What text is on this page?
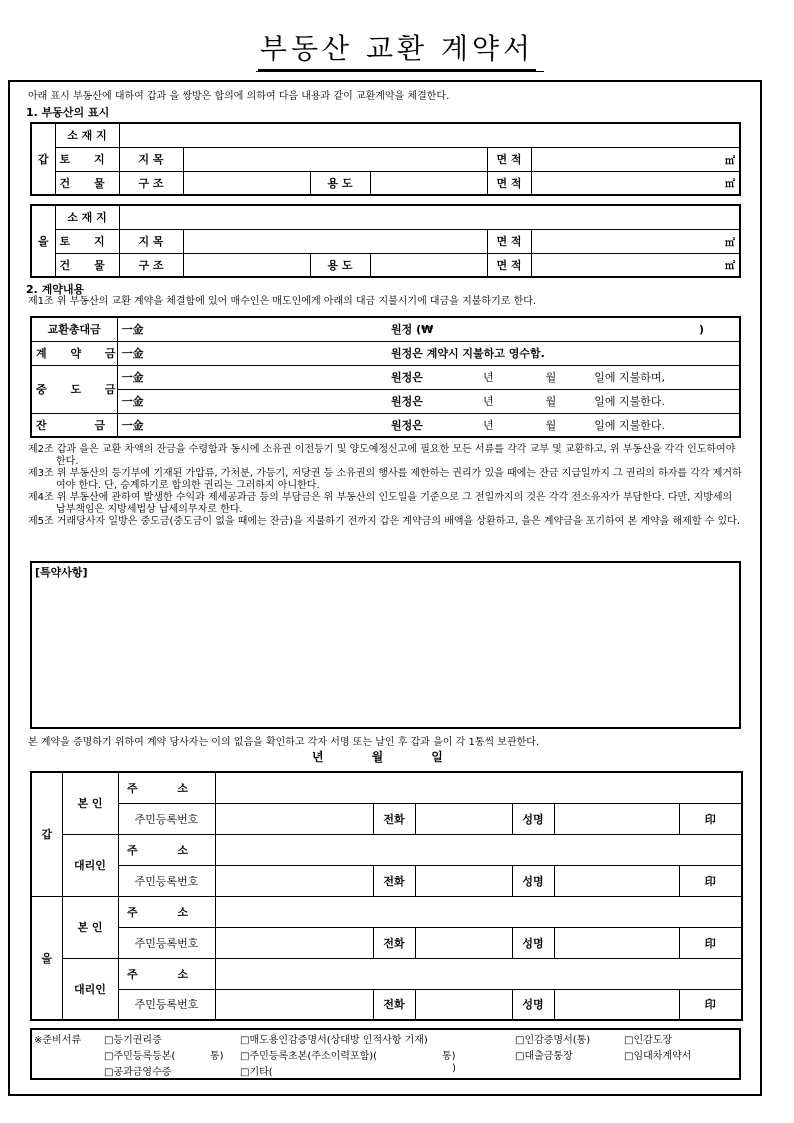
부동산 교환 계약서
아래 표시 부동산에 대하여 갑과 을 쌍방은 합의에 의하여 다음 내용과 같이 교환계약을 체결한다.
1. 부동산의 표시
갑	소 재 지						
	토 지	지 목				면 적	㎡
	건 물	구 조		용 도		면 적	㎡
을	소 재 지						
	토 지	지 목				면 적	㎡
	건 물	구 조		용 도		면 적	㎡
2. 계약내용
제1조 위 부동산의 교환 계약을 체결함에 있어 매수인은 매도인에게 아래의 대금 지불시기에 대금을 지불하기로 한다.
교환총대금	一金	원정 (₩	)
계 약 금	一金	원정은 계약시 지불하고 영수함.	
중 도 금	一金	원정은	년 월 일에 지불하며,
	一金	원정은	년 월 일에 지불한다.
잔 금	一金	원정은	년 월 일에 지불한다.

제2조 갑과 을은 교환 차액의 잔금을 수령함과 동시에 소유권 이전등기 및 양도예정신고에 필요한 모든 서류를 각각 교부 및 교환하고, 위 부동산을 각각 인도하여야 한다.

제3조 위 부동산의 등기부에 기재된 가압류, 가처분, 가등기, 저당권 등 소유권의 행사를 제한하는 권리가 있을 때에는 잔금 지급일까지 그 권리의 하자를 각각 제거하여야 한다. 단, 승계하기로 합의한 권리는 그러하지 아니한다.

제4조 위 부동산에 관하여 발생한 수익과 제세공과금 등의 부담금은 위 부동산의 인도일을 기준으로 그 전일까지의 것은 각각 전소유자가 부담한다. 다만, 지방세의 납부책임은 지방세법상 납세의무자로 한다.

제5조 거래당사자 일방은 중도금(중도금이 없을 때에는 잔금)을 지불하기 전까지 갑은 계약금의 배액을 상환하고, 을은 계약금을 포기하여 본 계약을 해제할 수 있다.

[특약사항]
본 계약을 증명하기 위하여 계약 당사자는 이의 없음을 확인하고 각자 서명 또는 날인 후 갑과 을이 각 1통씩 보관한다.
년	월	일
갑	본 인	주 소						
		주민등록번호		전화		성명		印
	대리인	주 소						
		주민등록번호		전화		성명		印
을	본 인	주 소						
		주민등록번호		전화		성명		印
	대리인	주 소						
		주민등록번호		전화		성명		印
※준비서류 □등기권리증	□매도용인감증명서(상대방 인적사항 기재)	□인감증명서(통)	□인감도장
□주민등록등본(	통) □주민등록초본(주소이력포함)(	통)	□대출금통장	□임대차계약서
□공과금영수증	□기타(	)
